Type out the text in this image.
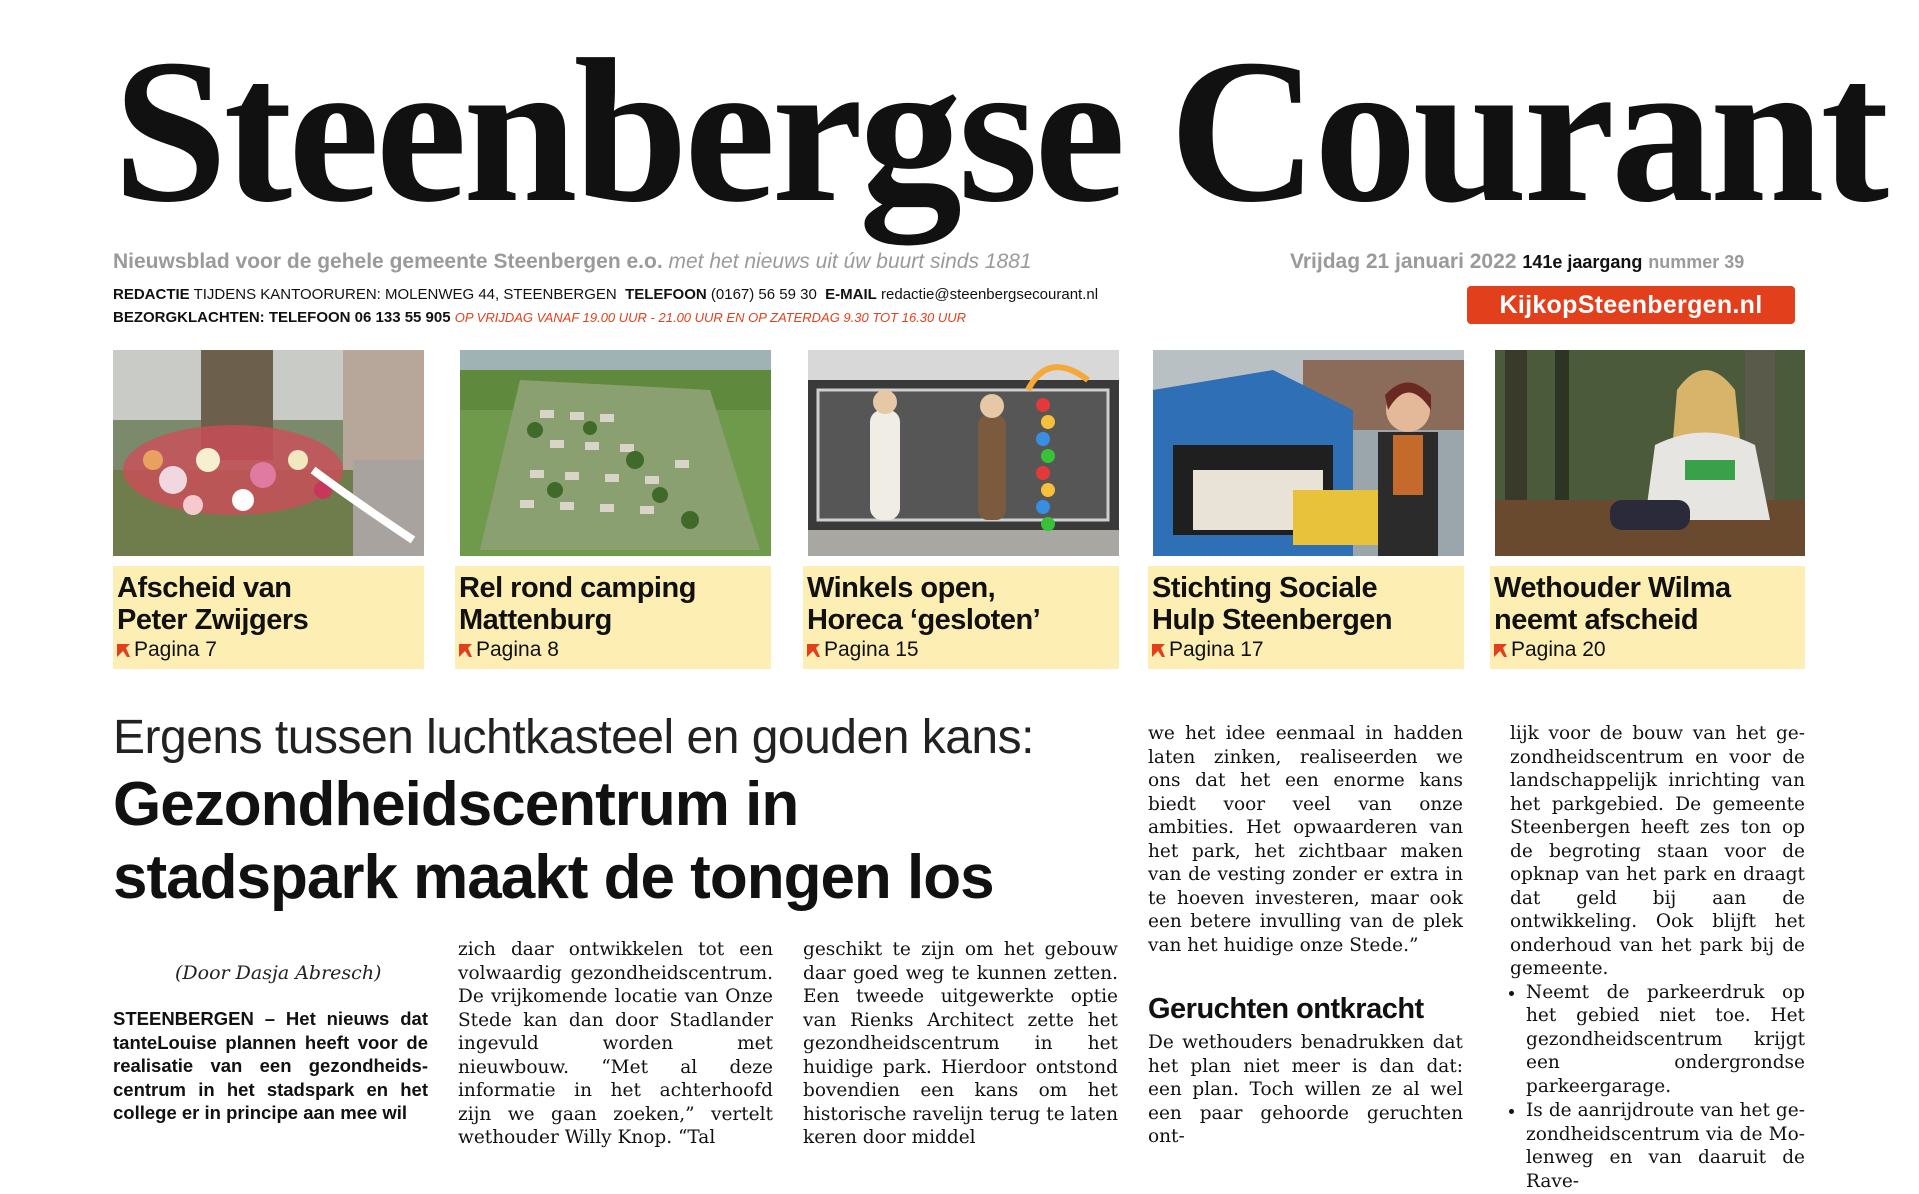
Steenbergse Courant
Nieuwsblad voor de gehele gemeente Steenbergen e.o. met het nieuws uit úw buurt sinds 1881	Vrijdag 21 januari 2022 141e jaargang nummer 39
REDACTIE TIJDENS KANTOORUREN: MOLENWEG 44, STEENBERGEN TELEFOON (0167) 56 59 30 E-MAIL redactie@steenbergsecourant.nl
BEZORGKLACHTEN: TELEFOON 06 133 55 905 OP VRIJDAG VANAF 19.00 UUR - 21.00 UUR EN OP ZATERDAG 9.30 TOT 16.30 UUR	KijkopSteenbergen.nl
Afscheid van
Peter Zwijgers
Pagina 7
Rel rond camping
Mattenburg
Pagina 8
Winkels open,
Horeca ‘gesloten’
Pagina 15
Stichting Sociale
Hulp Steenbergen
Pagina 17
Wethouder Wilma
neemt afscheid
Pagina 20
Ergens tussen luchtkasteel en gouden kans:
Gezondheidscentrum in stadspark maakt de tongen los
(Door Dasja Abresch)

STEENBERGEN – Het nieuws dat tanteLouise plannen heeft voor de realisatie van een gezondheidscentrum in het stadspark en het college er in principe aan mee wil

zich daar ontwikkelen tot een volwaardig gezondheidscentrum. De vrijkomende locatie van Onze Stede kan dan door Stadlander ingevuld worden met nieuwbouw. “Met al deze informatie in het achterhoofd zijn we gaan zoeken,” vertelt wethouder Willy Knop. “Tal

geschikt te zijn om het gebouw daar goed weg te kunnen zetten. Een tweede uitgewerkte optie van Rienks Architect zette het gezondheidscentrum in het huidige park. Hierdoor ontstond bovendien een kans om het historische ravelijn terug te laten keren door middel

we het idee eenmaal in hadden laten zinken, realiseerden we ons dat het een enorme kans biedt voor veel van onze ambities. Het opwaarderen van het park, het zichtbaar maken van de vesting zonder er extra in te hoeven investeren, maar ook een betere invulling van de plek van het huidige onze Stede.”

Geruchten ontkracht

De wethouders benadrukken dat het plan niet meer is dan dat: een plan. Toch willen ze al wel een paar gehoorde geruchten ont-

lijk voor de bouw van het gezondheidscentrum en voor de landschappelijk inrichting van het parkgebied. De gemeente Steenbergen heeft zes ton op de begroting staan voor de opknap van het park en draagt dat geld bij aan de ontwikkeling. Ook blijft het onderhoud van het park bij de gemeente.

• Neemt de parkeerdruk op het gebied niet toe. Het gezondheidscentrum krijgt een ondergrondse parkeergarage.
• Is de aanrijdroute van het gezondheidscentrum via de Molenweg en van daaruit de Rave-
